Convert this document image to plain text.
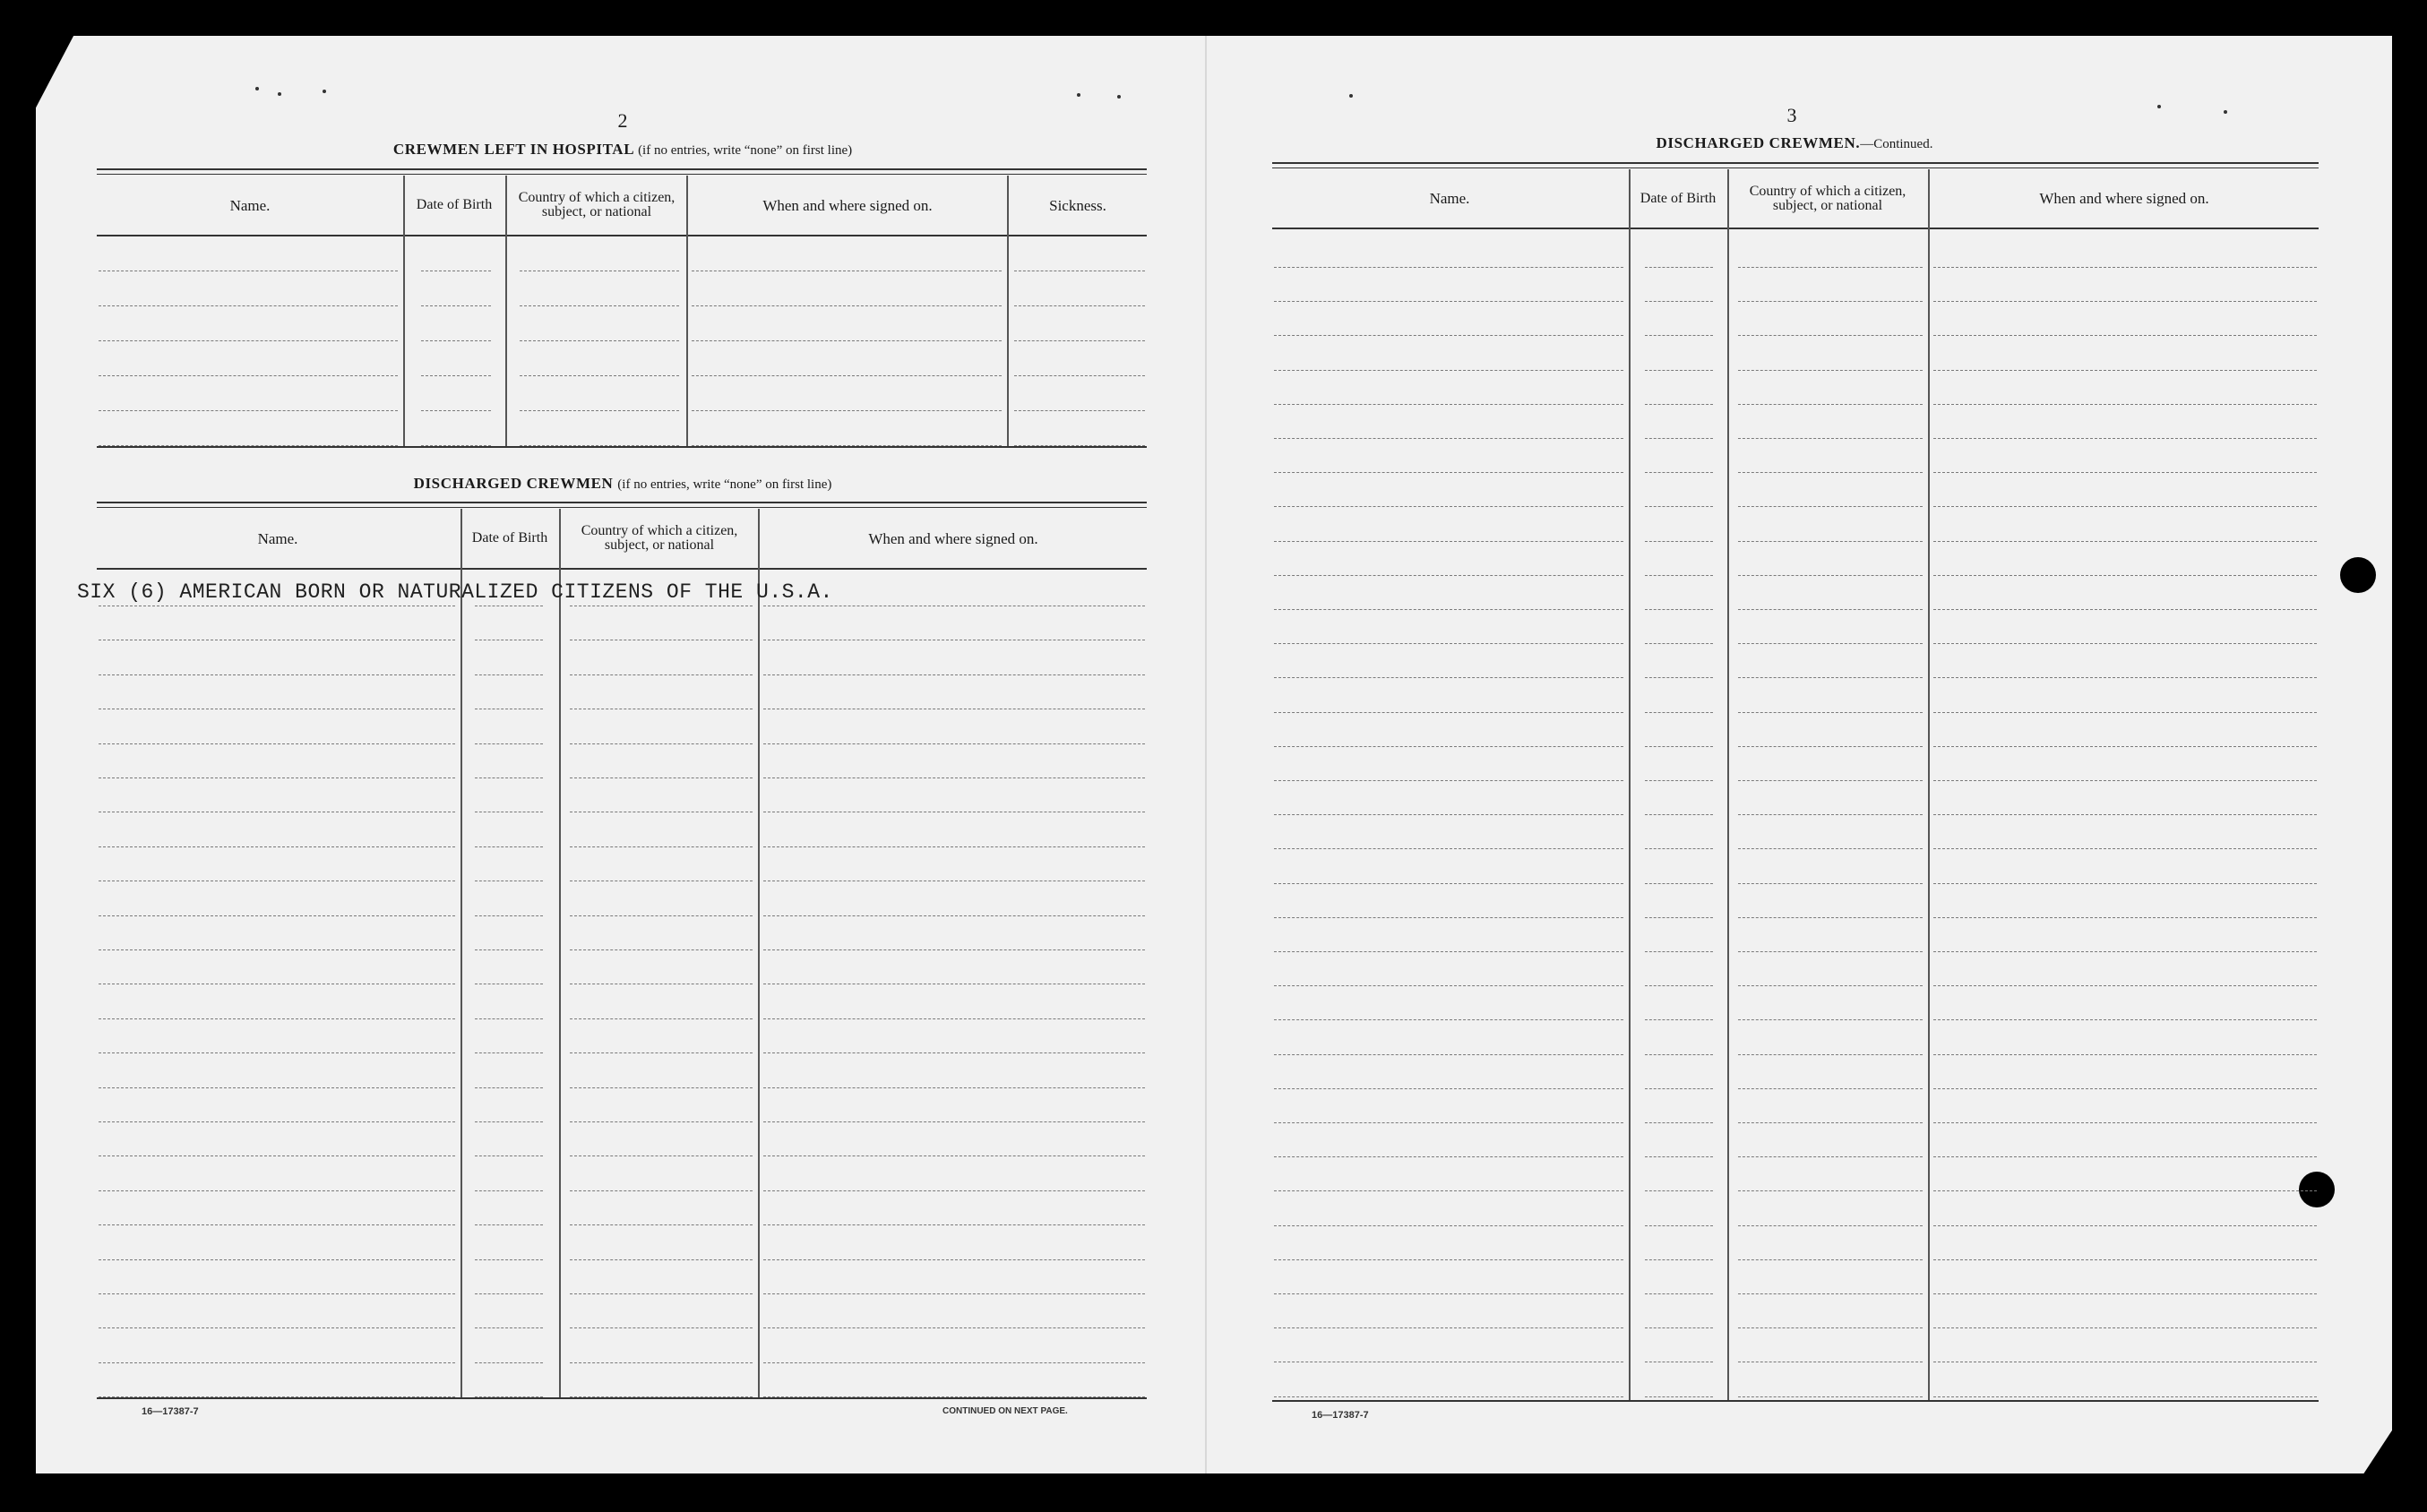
2
CREWMEN LEFT IN HOSPITAL (if no entries, write “none” on first line)
Name.	Date of Birth	Country of which a citizen, subject, or national	When and where signed on.	Sickness.
DISCHARGED CREWMEN (if no entries, write “none” on first line)
Name.	Date of Birth	Country of which a citizen, subject, or national	When and where signed on.
SIX (6) AMERICAN BORN OR NATURALIZED CITIZENS OF THE U.S.A.
16—17387-7	CONTINUED ON NEXT PAGE.
3
DISCHARGED CREWMEN.—Continued.
Name.	Date of Birth	Country of which a citizen, subject, or national	When and where signed on.
16—17387-7
